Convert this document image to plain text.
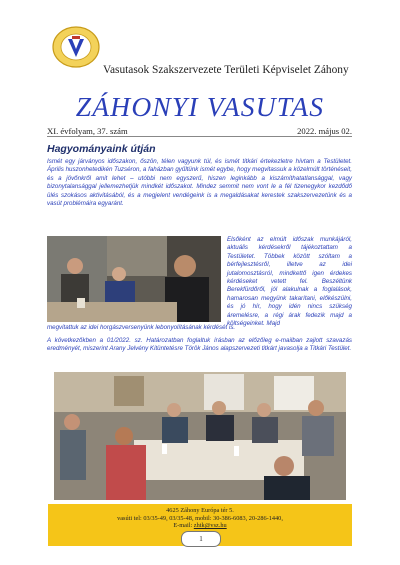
Vasutasok Szakszervezete Területi Képviselet Záhony
ZÁHONYI VASUTAS
XI. évfolyam, 37. szám	2022. május 02.
Hagyományaink útján

Ismét egy járványos időszakon, őszön, télen vagyunk túl, és ismét titkári értekezletre hívtam a Testületet. Április huszonhetedikén Tuzséron, a faházban gyűltünk ismét egybe, hogy megvitassuk a közelmúlt történéseit, és a jövőnkről amit lehet – utóbbi nem egyszerű, hiszen leginkább a kiszámíthatatlansággal, vagy bizonytalansággal jellemezhetjük mindkét időszakot. Mindez semmit nem vont le a fél tizenegykor kezdődő ülés szokásos aktivitásából, és a megjelent vendégeink is a megaldásakat kerestek szakszervezetünk és a vasút problémáira egyaránt.

Elsőként az elmúlt időszak munkájáról, aktuális kérdésekről tájékoztattam a Testületet. Többek között szóltam a bérfejlesztésről, illetve az idei jutalomosztásról, mindkettő igen érdekes kérdéseket vetett fel. Beszéltünk Berekfürdőről, jól alakulnak a foglalások, hamarosan megyünk takarítani, előkészülni, és jó hír, hogy idén nincs szükség áremelésre, a régi árak fedezik majd a költségeinket. Majd

megvitattuk az idei horgászversenyünk lebonyolításának kérdését is.

A következőkben a 01/2022. sz. Határozatban foglaltuk írásban az előzőleg e-mailban zajlott szavazás eredményét, miszerint Arany Jelvény Kitüntetésre Török János alapszervezeti titkárt javasolja a Titkári Testület.

4625 Záhony Európa tér 5.
vasúti tel: 03/35-49, 03/35-48, mobil: 30-386-6083, 20-286-1440,
E-mail: zhtk@vsz.hu
1
